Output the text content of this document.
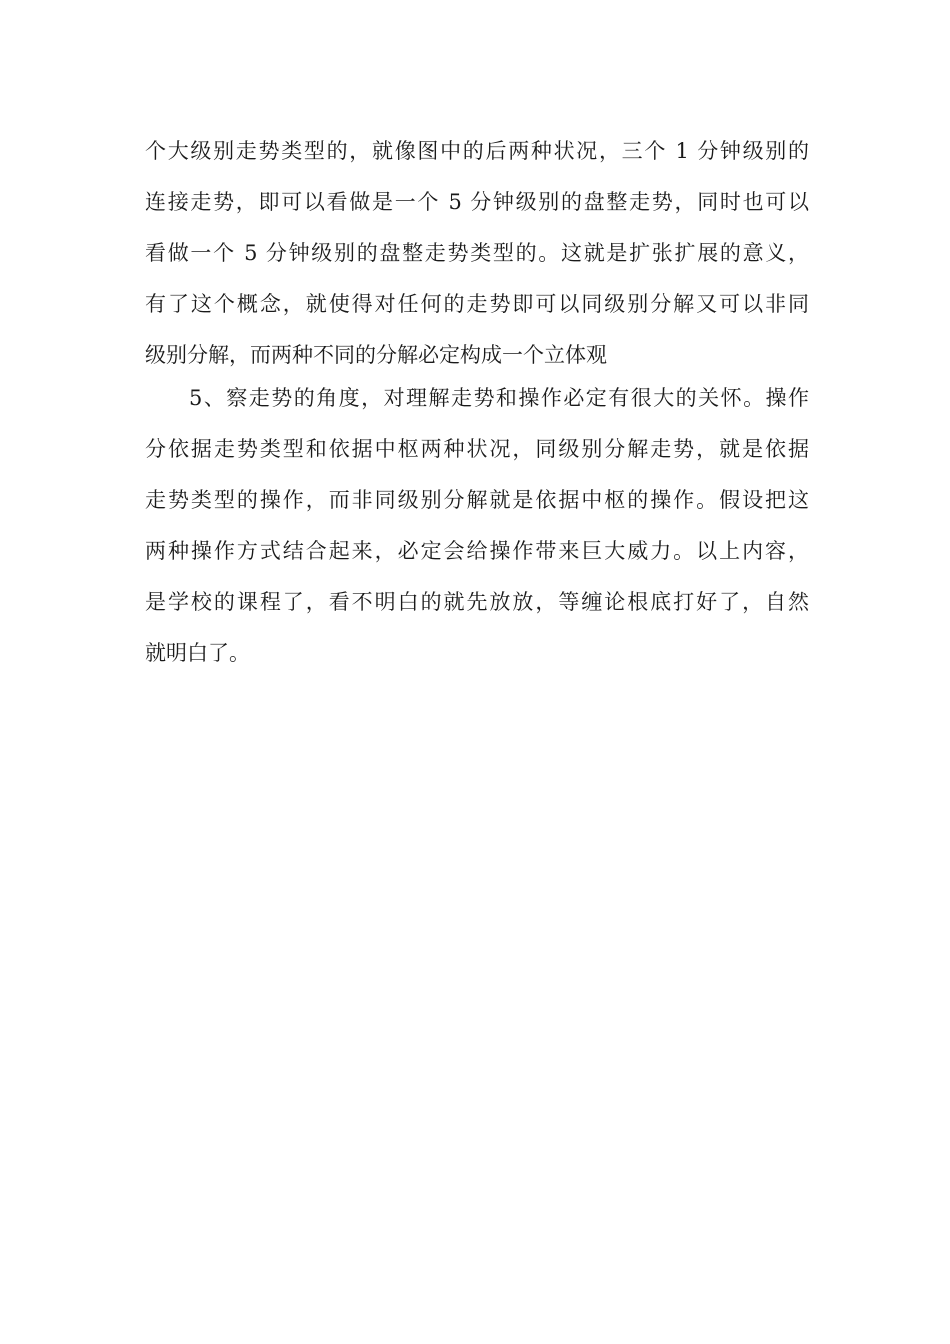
个大级别走势类型的，就像图中的后两种状况，三个 1 分钟级别的
连接走势，即可以看做是一个 5 分钟级别的盘整走势，同时也可以
看做一个 5 分钟级别的盘整走势类型的。这就是扩张扩展的意义，
有了这个概念，就使得对任何的走势即可以同级别分解又可以非同
级别分解，而两种不同的分解必定构成一个立体观
5、察走势的角度，对理解走势和操作必定有很大的关怀。操作
分依据走势类型和依据中枢两种状况，同级别分解走势，就是依据
走势类型的操作，而非同级别分解就是依据中枢的操作。假设把这
两种操作方式结合起来，必定会给操作带来巨大威力。以上内容，
是学校的课程了，看不明白的就先放放，等缠论根底打好了，自然
就明白了。
